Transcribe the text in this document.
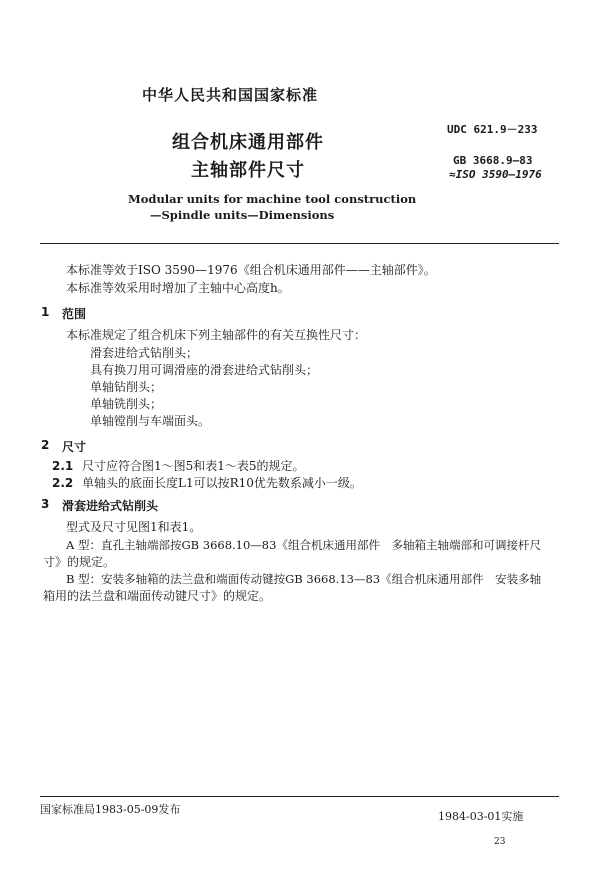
中华人民共和国国家标准
组合机床通用部件
主轴部件尺寸
UDC 621.9－233
GB 3668.9—83
≈ISO 3590—1976
Modular units for machine tool construction
—Spindle units—Dimensions
本标准等效于ISO 3590—1976《组合机床通用部件——主轴部件》。
本标准等效采用时增加了主轴中心高度h。
1 范围
本标准规定了组合机床下列主轴部件的有关互换性尺寸：
滑套进给式钻削头；
具有换刀用可调滑座的滑套进给式钻削头；
单轴钻削头；
单轴铣削头；
单轴镗削与车端面头。
2 尺寸
2.1 尺寸应符合图1～图5和表1～表5的规定。
2.2 单轴头的底面长度L1可以按R10优先数系减小一级。
3 滑套进给式钻削头
型式及尺寸见图1和表1。
A 型：直孔主轴端部按GB 3668.10—83《组合机床通用部件　多轴箱主轴端部和可调接杆尺
寸》的规定。
B 型：安装多轴箱的法兰盘和端面传动键按GB 3668.13—83《组合机床通用部件　安装多轴
箱用的法兰盘和端面传动键尺寸》的规定。
国家标准局1983-05-09发布
1984-03-01实施
23
